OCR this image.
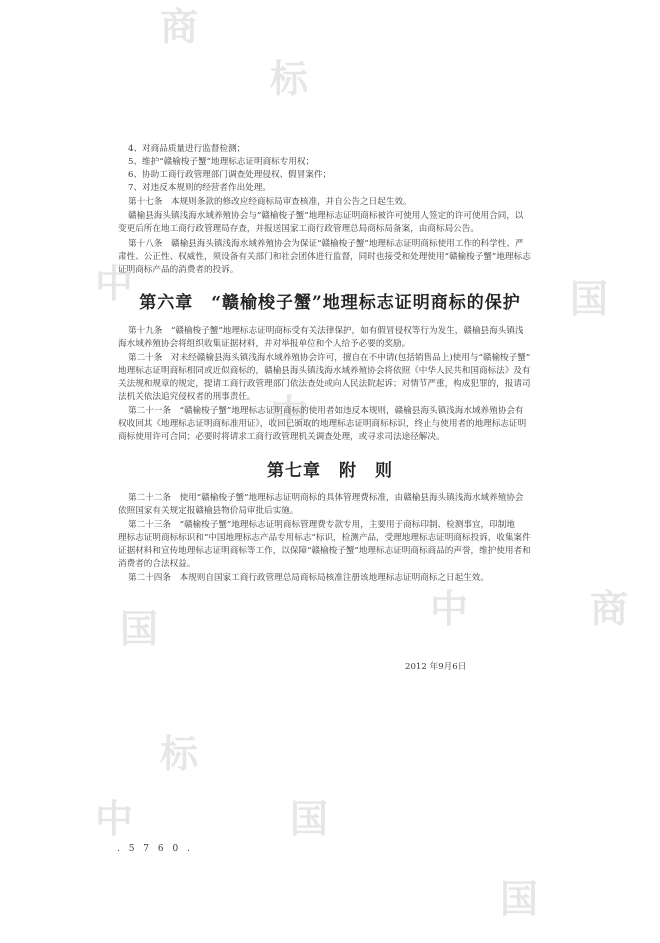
商
标
中	国
中
国	商
标
中
国
中
国
4、对商品质量进行监督检测；
5、维护“赣榆梭子蟹”地理标志证明商标专用权；
6、协助工商行政管理部门调查处理侵权、假冒案件；
7、对违反本规则的经营者作出处理。
第十七条　本规则条款的修改应经商标局审查核准，并自公告之日起生效。
赣榆县海头镇浅海水域养殖协会与“赣榆梭子蟹”地理标志证明商标被许可使用人签定的许可使用合同，以
变更后所在地工商行政管理局存查，并报送国家工商行政管理总局商标局备案，由商标局公告。
第十八条　赣榆县海头镇浅海水域养殖协会为保证“赣榆梭子蟹”地理标志证明商标使用工作的科学性、严
肃性、公正性、权威性，须设备有关部门和社会团体进行监督，同时也接受和处理使用“赣榆梭子蟹”地理标志
证明商标产品的消费者的投诉。
第六章　“赣榆梭子蟹”地理标志证明商标的保护
第十九条　“赣榆梭子蟹”地理标志证明商标受有关法律保护，如有假冒侵权等行为发生，赣榆县海头镇浅
海水域养殖协会将组织收集证据材料，并对举报单位和个人给予必要的奖励。
第二十条　对未经赣榆县海头镇浅海水域养殖协会许可，擅自在不申请(包括销售品上)使用与“赣榆梭子蟹”
地理标志证明商标相同或近似商标的，赣榆县海头镇浅海水域养殖协会将依照《中华人民共和国商标法》及有
关法规和规章的规定，提请工商行政管理部门依法查处或向人民法院起诉；对情节严重，构成犯罪的，报请司
法机关依法追究侵权者的刑事责任。
第二十一条　“赣榆梭子蟹”地理标志证明商标的使用者如违反本规则，赣榆县海头镇浅海水域养殖协会有
权收回其《地理标志证明商标准用证》，收回已颁取的地理标志证明商标标识，终止与使用者的地理标志证明
商标使用许可合同；必要时将请求工商行政管理机关调查处理，或寻求司法途径解决。
第七章　附　则
第二十二条　使用“赣榆梭子蟹”地理标志证明商标的具体管理费标准，由赣榆县海头镇浅海水域养殖协会
依照国家有关规定报赣榆县物价局审批后实施。
第二十三条　“赣榆梭子蟹”地理标志证明商标管理费专款专用，主要用于商标印制、检测事宜，印制地
理标志证明商标标识和“中国地理标志产品专用标志”标识，检测产品，受理地理标志证明商标投诉，收集案件
证据材料和宣传地理标志证明商标等工作，以保障“赣榆梭子蟹”地理标志证明商标商品的声誉，维护使用者和
消费者的合法权益。
第二十四条　本规则自国家工商行政管理总局商标局核准注册该地理标志证明商标之日起生效。
2012 年9月6日
. 5 7 6 0 .
